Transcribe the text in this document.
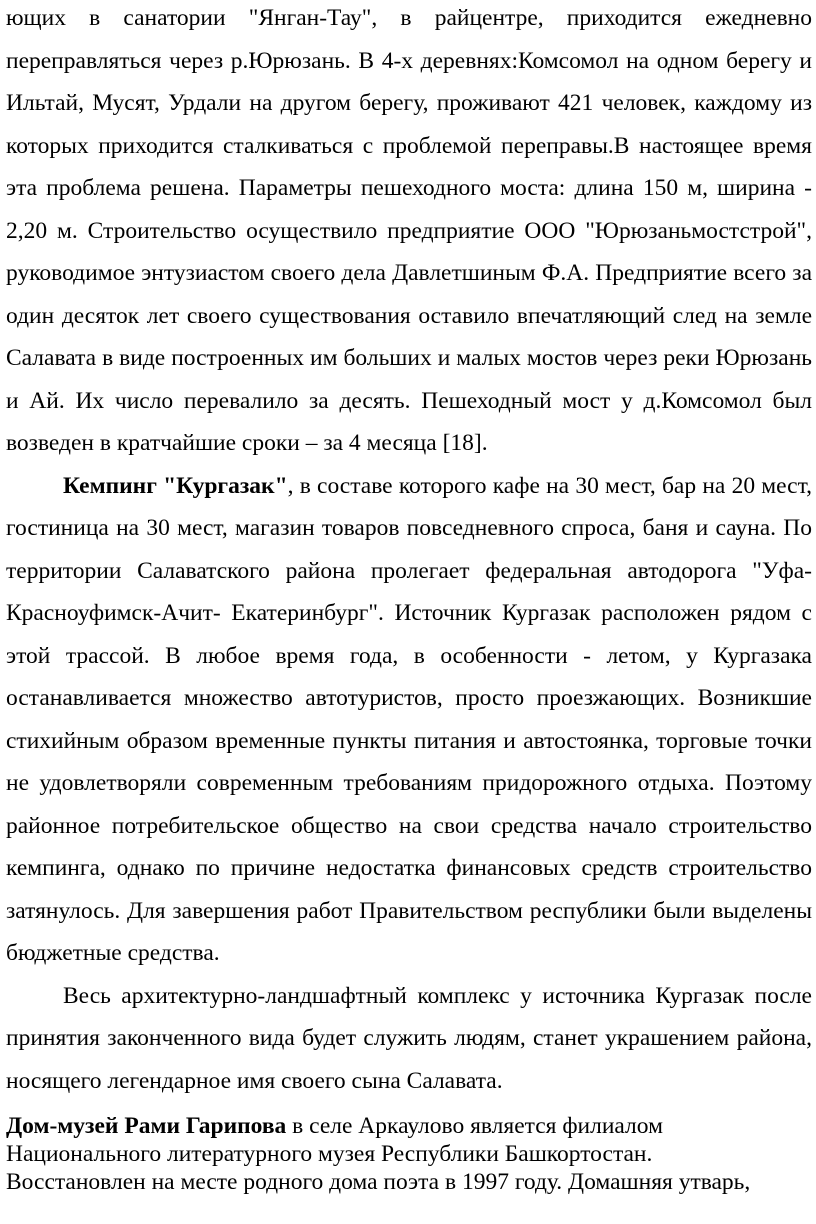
ющих в санатории "Янган-Тау", в райцентре, приходится ежедневно переправляться через р.Юрюзань. В 4-х деревнях:Комсомол на одном берегу и Ильтай, Мусят, Урдали на другом берегу, проживают 421 человек, каждому из которых приходится сталкиваться с проблемой переправы.В настоящее время эта проблема решена. Параметры пешеходного моста: длина 150 м, ширина - 2,20 м. Строительство осуществило предприятие ООО "Юрюзаньмостстрой", руководимое энтузиастом своего дела Давлетшиным Ф.А. Предприятие всего за один десяток лет своего существования оставило впечатляющий след на земле Салавата в виде построенных им больших и малых мостов через реки Юрюзань и Ай. Их число перевалило за десять. Пешеходный мост у д.Комсомол был возведен в кратчайшие сроки – за 4 месяца [18].

Кемпинг "Кургазак", в составе которого кафе на 30 мест, бар на 20 мест, гостиница на 30 мест, магазин товаров повседневного спроса, баня и сауна. По территории Салаватского района пролегает федеральная автодорога "Уфа-Красноуфимск-Ачит- Екатеринбург". Источник Кургазак расположен рядом с этой трассой. В любое время года, в особенности - летом, у Кургазака останавливается множество автотуристов, просто проезжающих. Возникшие стихийным образом временные пункты питания и автостоянка, торговые точки не удовлетворяли современным требованиям придорожного отдыха. Поэтому районное потребительское общество на свои средства начало строительство кемпинга, однако по причине недостатка финансовых средств строительство затянулось. Для завершения работ Правительством республики были выделены бюджетные средства.

Весь архитектурно-ландшафтный комплекс у источника Кургазак после принятия законченного вида будет служить людям, станет украшением района, носящего легендарное имя своего сына Салавата.

Дом-музей Рами Гарипова в селе Аркаулово является филиалом

Национального литературного музея Республики Башкортостан.

Восстановлен на месте родного дома поэта в 1997 году. Домашняя утварь,
